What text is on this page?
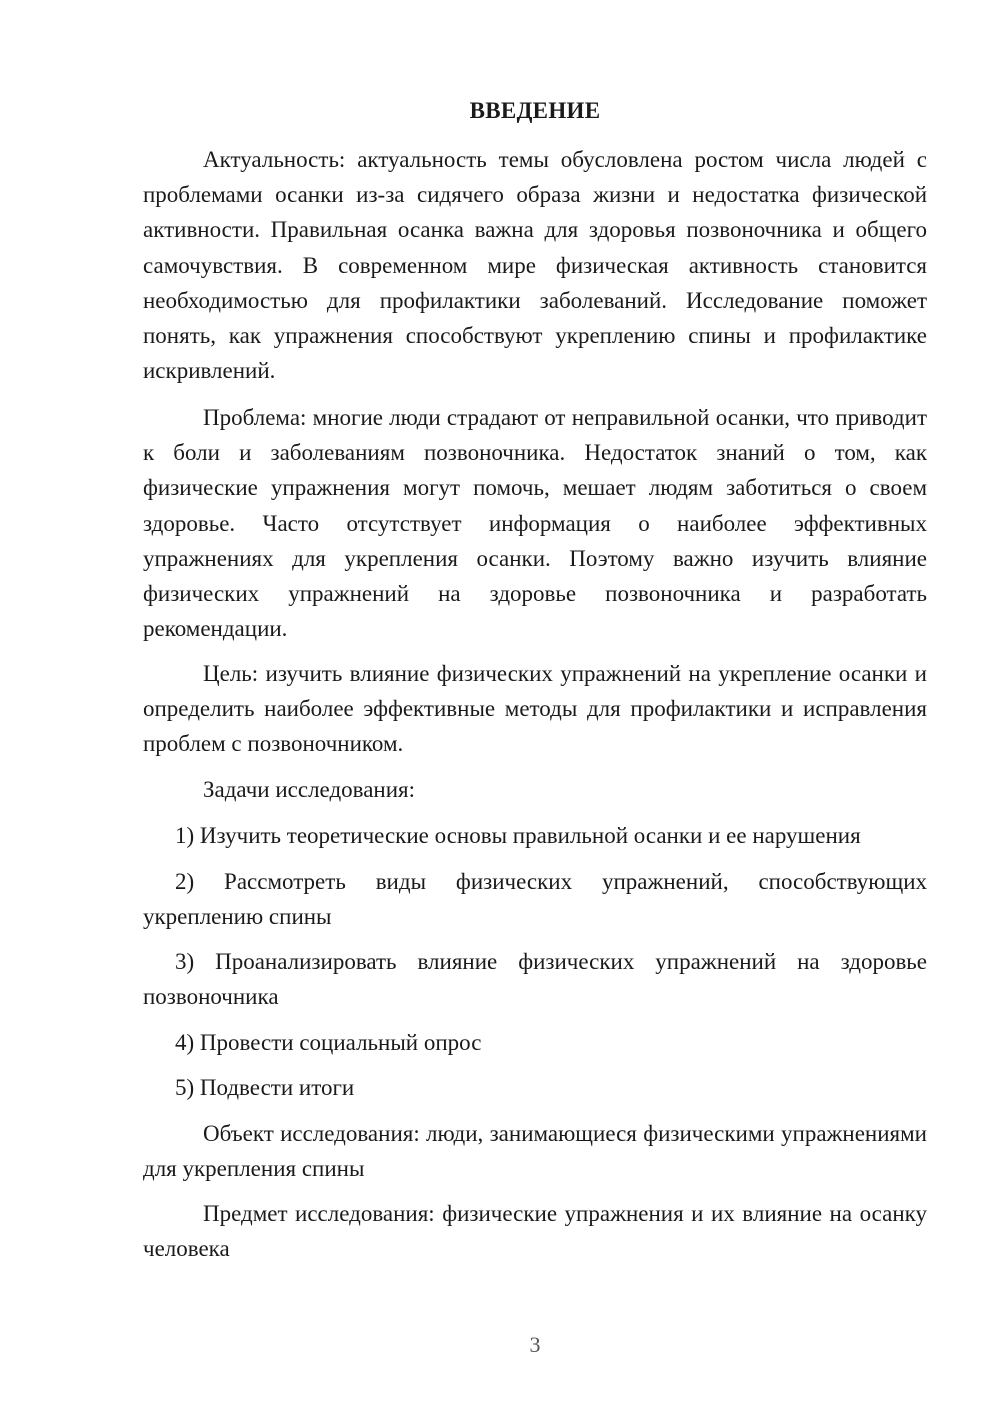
ВВЕДЕНИЕ

Актуальность: актуальность темы обусловлена ростом числа людей с проблемами осанки из-за сидячего образа жизни и недостатка физической активности. Правильная осанка важна для здоровья позвоночника и общего самочувствия. В современном мире физическая активность становится необходимостью для профилактики заболеваний. Исследование поможет понять, как упражнения способствуют укреплению спины и профилактике искривлений.

Проблема: многие люди страдают от неправильной осанки, что приводит к боли и заболеваниям позвоночника. Недостаток знаний о том, как физические упражнения могут помочь, мешает людям заботиться о своем здоровье. Часто отсутствует информация о наиболее эффективных упражнениях для укрепления осанки. Поэтому важно изучить влияние физических упражнений на здоровье позвоночника и разработать рекомендации.

Цель: изучить влияние физических упражнений на укрепление осанки и определить наиболее эффективные методы для профилактики и исправления проблем с позвоночником.

Задачи исследования:

1) Изучить теоретические основы правильной осанки и ее нарушения

2) Рассмотреть виды физических упражнений, способствующих укреплению спины

3) Проанализировать влияние физических упражнений на здоровье позвоночника

4) Провести социальный опрос

5) Подвести итоги

Объект исследования: люди, занимающиеся физическими упражнениями для укрепления спины

Предмет исследования: физические упражнения и их влияние на осанку человека

3
